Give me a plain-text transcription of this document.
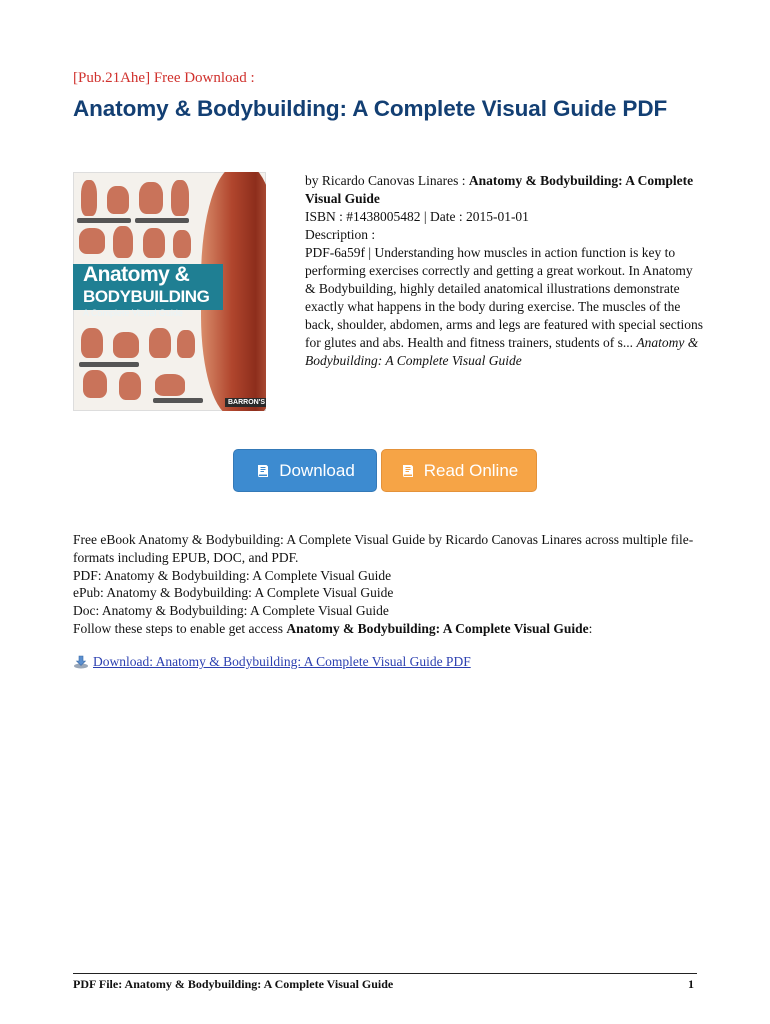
[Pub.21Ahe] Free Download :
Anatomy & Bodybuilding: A Complete Visual Guide PDF
Anatomy &
BODYBUILDING
A Complete Visual Guide
BARRON'S

by Ricardo Canovas Linares : Anatomy & Bodybuilding: A Complete Visual Guide

ISBN : #1438005482 | Date : 2015-01-01

Description :

PDF-6a59f | Understanding how muscles in action function is key to performing exercises correctly and getting a great workout. In Anatomy & Bodybuilding, highly detailed anatomical illustrations demonstrate exactly what happens in the body during exercise. The muscles of the back, shoulder, abdomen, arms and legs are featured with special sections for glutes and abs. Health and fitness trainers, students of s... Anatomy & Bodybuilding: A Complete Visual Guide

Download	Read Online

Free eBook Anatomy & Bodybuilding: A Complete Visual Guide by Ricardo Canovas Linares across multiple file-formats including EPUB, DOC, and PDF.

PDF: Anatomy & Bodybuilding: A Complete Visual Guide

ePub: Anatomy & Bodybuilding: A Complete Visual Guide

Doc: Anatomy & Bodybuilding: A Complete Visual Guide

Follow these steps to enable get access Anatomy & Bodybuilding: A Complete Visual Guide:

Download: Anatomy & Bodybuilding: A Complete Visual Guide PDF
PDF File: Anatomy & Bodybuilding: A Complete Visual Guide	1
